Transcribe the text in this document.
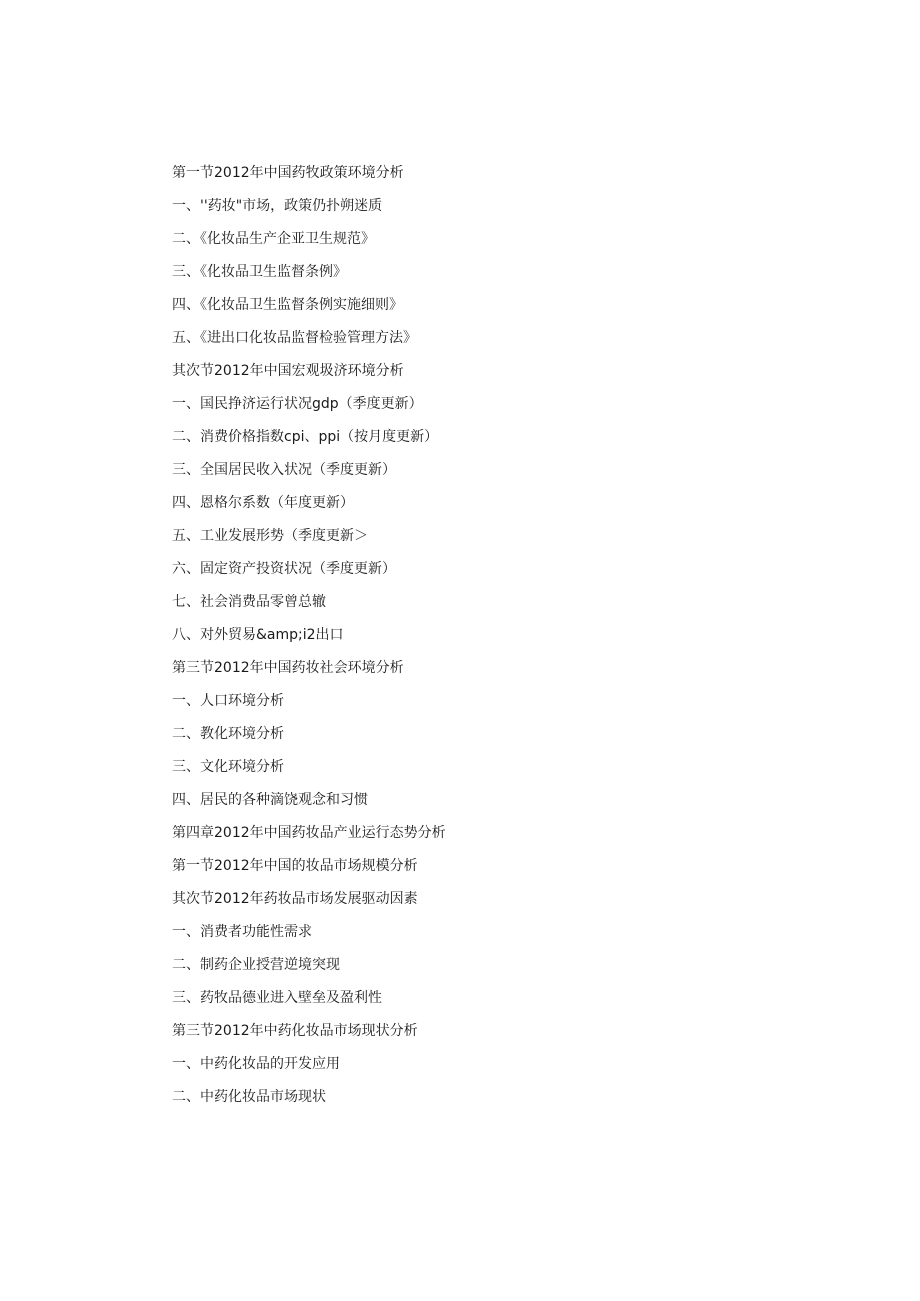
第一节2012年中国药牧政策环境分析
一、''药妆"市场，政策仍扑朔迷质
二、《化妆品生产企亚卫生规范》
三、《化妆品卫生监督条例》
四、《化妆品卫生监督条例实施细则》
五、《进出口化妆品监督检验管理方法》
其次节2012年中国宏观圾济环境分析
一、国民挣济运行状况gdp（季度更新）
二、消费价格指数cpi、ppi（按月度更新）
三、全国居民收入状况（季度更新）
四、恩格尔系数（年度更新）
五、工业发展形势（季度更新＞
六、固定资产投资状况（季度更新）
七、社会消费品零曾总辙
八、对外贸易&amp;i2出口
第三节2012年中国药妆社会环境分析
一、人口环境分析
二、教化环境分析
三、文化环境分析
四、居民的各种滴饶观念和习惯
第四章2012年中国药妆品产业运行态势分析
第一节2012年中国的妆品市场规模分析
其次节2012年药妆品市场发展驱动因素
一、消费者功能性需求
二、制药企业授营逆境突现
三、药牧品德业进入壁垒及盈利性
第三节2012年中药化妆品市场现状分析
一、中药化妆品的开发应用
二、中药化妆品市场现状
